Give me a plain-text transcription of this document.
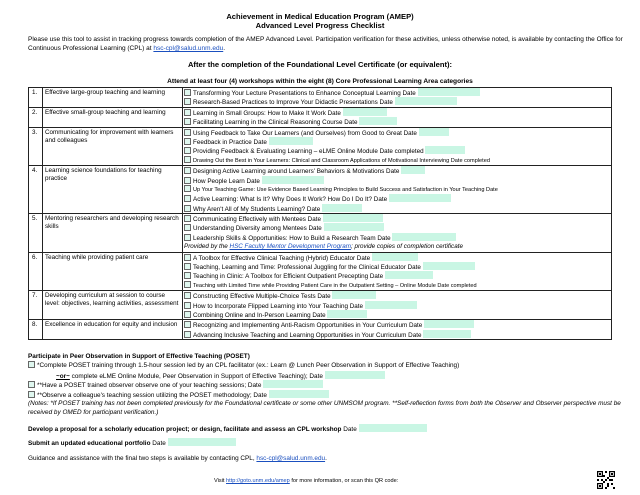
Achievement in Medical Education Program (AMEP)
Advanced Level Progress Checklist
Please use this tool to assist in tracking progress towards completion of the AMEP Advanced Level. Participation verification for these activities, unless otherwise noted, is available by contacting the Office for Continuous Professional Learning (CPL) at hsc-cpl@salud.unm.edu.
After the completion of the Foundational Level Certificate (or equivalent):
Attend at least four (4) workshops within the eight (8) Core Professional Learning Area categories
1.	Effective large-group teaching and learning	Transforming Your Lecture Presentations to Enhance Conceptual Learning Date
Research-Based Practices to Improve Your Didactic Presentations Date

2.	Effective small-group teaching and learning	Learning in Small Groups: How to Make It Work Date
Facilitating Learning in the Clinical Reasoning Course Date

3.	Communicating for improvement with learners and colleagues	Using Feedback to Take Our Learners (and Ourselves) from Good to Great Date
Feedback in Practice Date
Providing Feedback & Evaluating Learning – eLME Online Module Date completed
Drawing Out the Best in Your Learners: Clinical and Classroom Applications of Motivational Interviewing Date completed

4.	Learning science foundations for teaching practice	Designing Active Learning around Learners' Behaviors & Motivations Date
How People Learn Date
Up Your Teaching Game: Use Evidence Based Learning Principles to Build Success and Satisfaction in Your Teaching Date
Active Learning: What Is It? Why Does It Work? How Do I Do It? Date
Why Aren't All of My Students Learning? Date

5.	Mentoring researchers and developing research skills	Communicating Effectively with Mentees Date
Understanding Diversity among Mentees Date
Leadership Skills & Opportunities: How to Build a Research Team Date
Provided by the HSC Faculty Mentor Development Program; provide copies of completion certificate

6.	Teaching while providing patient care	A Toolbox for Effective Clinical Teaching (Hybrid) Educator Date
Teaching, Learning and Time: Professional Juggling for the Clinical Educator Date
Teaching in Clinic: A Toolbox for Efficient Outpatient Precepting Date
Teaching with Limited Time while Providing Patient Care in the Outpatient Setting – Online Module Date completed

7.	Developing curriculum at session to course level: objectives, learning activities, assessment	Constructing Effective Multiple-Choice Tests Date
How to Incorporate Flipped Learning into Your Teaching Date
Combining Online and In-Person Learning Date

8.	Excellence in education for equity and inclusion	Recognizing and Implementing Anti-Racism Opportunities in Your Curriculum Date
Advancing Inclusive Teaching and Learning Opportunities in Your Curriculum Date
Participate in Peer Observation in Support of Effective Teaching (POSET)
*Complete POSET training through 1.5-hour session led by an CPL facilitator (ex.: Learn @ Lunch Peer Observation in Support of Effective Teaching)
~or~ complete eLME Online Module, Peer Observation in Support of Effective Teaching); Date
**Have a POSET trained observer observe one of your teaching sessions; Date
**Observe a colleague's teaching session utilizing the POSET methodology; Date
(Notes: *If POSET training has not been completed previously for the Foundational certificate or some other UNMSOM program. **Self-reflection forms from both the Observer and Observer perspective must be received by OMED for participant verification.)
Develop a proposal for a scholarly education project; or design, facilitate and assess an CPL workshop Date
Submit an updated educational portfolio Date
Guidance and assistance with the final two steps is available by contacting CPL, hsc-cpl@salud.unm.edu.
Visit http://goto.unm.edu/amep for more information, or scan this QR code:
